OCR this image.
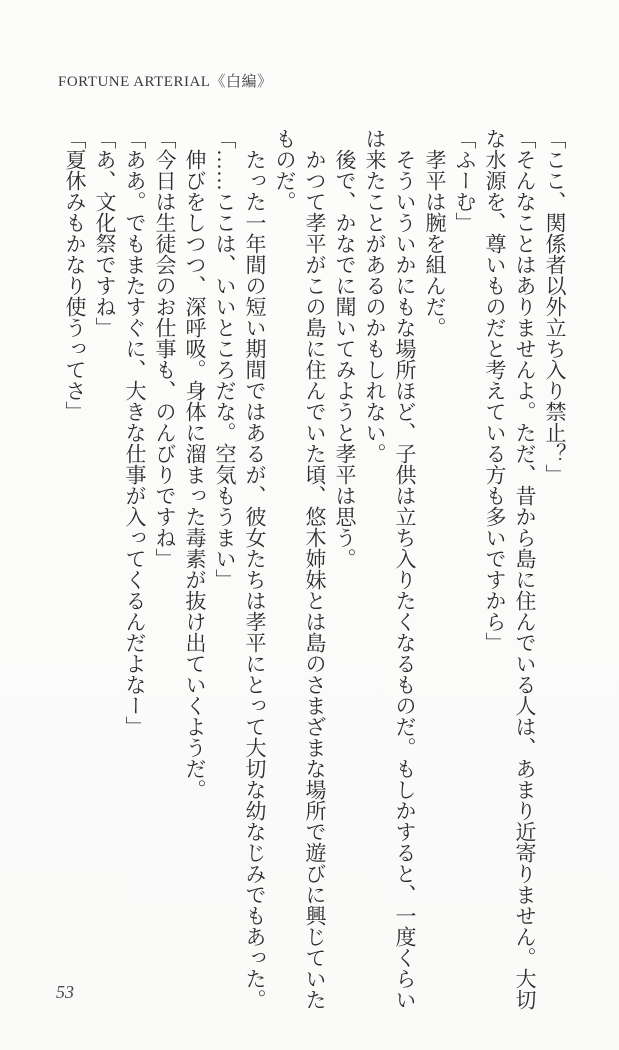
FORTUNE ARTERIAL《白編》

「ここ、関係者以外立ち入り禁止？」

「そんなことはありませんよ。ただ、昔から島に住んでいる人は、あまり近寄りません。大切な水源を、尊いものだと考えている方も多いですから」

「ふーむ」

孝平は腕を組んだ。

そういういかにもな場所ほど、子供は立ち入りたくなるものだ。もしかすると、一度くらいは来たことがあるのかもしれない。

後で、かなでに聞いてみようと孝平は思う。

かつて孝平がこの島に住んでいた頃、悠木姉妹とは島のさまざまな場所で遊びに興じていたものだ。

たった一年間の短い期間ではあるが、彼女たちは孝平にとって大切な幼なじみでもあった。

「……ここは、いいところだな。空気もうまい」

伸びをしつつ、深呼吸。身体に溜まった毒素が抜け出ていくようだ。

「今日は生徒会のお仕事も、のんびりですね」

「ああ。でもまたすぐに、大きな仕事が入ってくるんだよなー」

「あ、文化祭ですね」

「夏休みもかなり使うってさ」

53
